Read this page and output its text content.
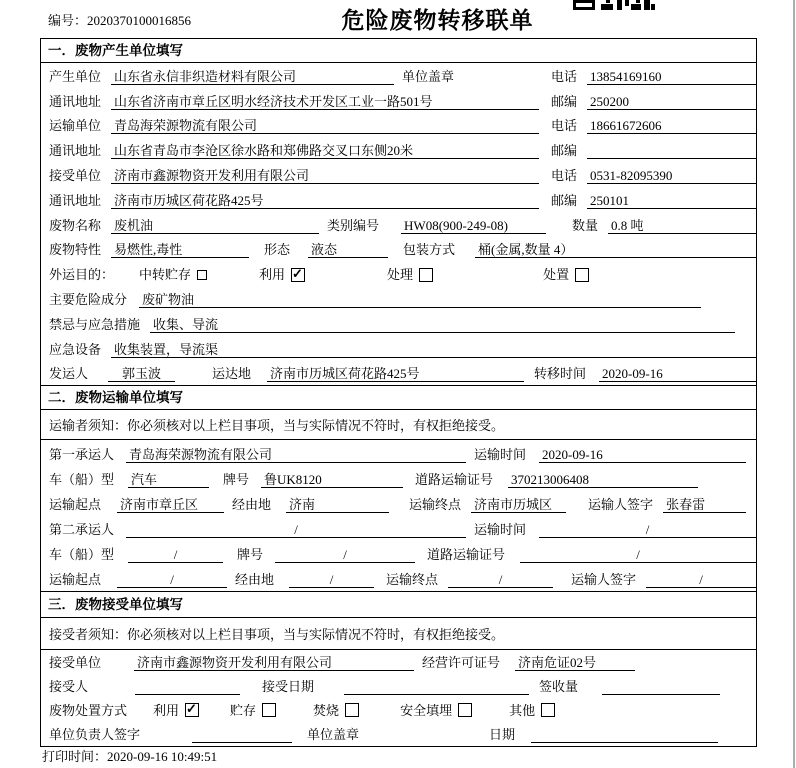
编号：2020370100016856	危险废物转移联单
一．废物产生单位填写
产生单位 山东省永信非织造材料有限公司	单位盖章	电话 13854169160
通讯地址 山东省济南市章丘区明水经济技术开发区工业一路501号	邮编 250200
运输单位 青岛海荣源物流有限公司	电话 18661672606
通讯地址 山东省青岛市李沧区徐水路和郑佛路交叉口东侧20米	邮编
接受单位 济南市鑫源物资开发利用有限公司	电话 0531-82095390
通讯地址 济南市历城区荷花路425号	邮编 250101
废物名称 废机油	类别编号 HW08(900-249-08)	数量 0.8 吨
废物特性 易燃性,毒性	形态 液态	包装方式 桶(金属,数量 4）
外运目的： 中转贮存	利用 ✓	处理	处置
主要危险成分 废矿物油
禁忌与应急措施 收集、导流
应急设备 收集装置，导流渠
发运人	郭玉波	运达地 济南市历城区荷花路425号	转移时间 2020-09-16
二．废物运输单位填写
运输者须知：你必须核对以上栏目事项，当与实际情况不符时，有权拒绝接受。
第一承运人 青岛海荣源物流有限公司	运输时间 2020-09-16
车（船）型 汽车	牌号 鲁UK8120	道路运输证号 370213006408
运输起点 济南市章丘区	经由地 济南	运输终点 济南市历城区	运输人签字 张春雷
第二承运人	/	运输时间	/
车（船）型	/	牌号	/	道路运输证号	/
运输起点	/	经由地	/	运输终点	/	运输人签字	/
三．废物接受单位填写
接受者须知：你必须核对以上栏目事项，当与实际情况不符时，有权拒绝接受。
接受单位	济南市鑫源物资开发利用有限公司	经营许可证号 济南危证02号
接受人	接受日期	签收量
废物处置方式 利用 ✓	贮存	焚烧	安全填埋	其他
单位负责人签字	单位盖章	日期
打印时间：2020-09-16 10:49:51
